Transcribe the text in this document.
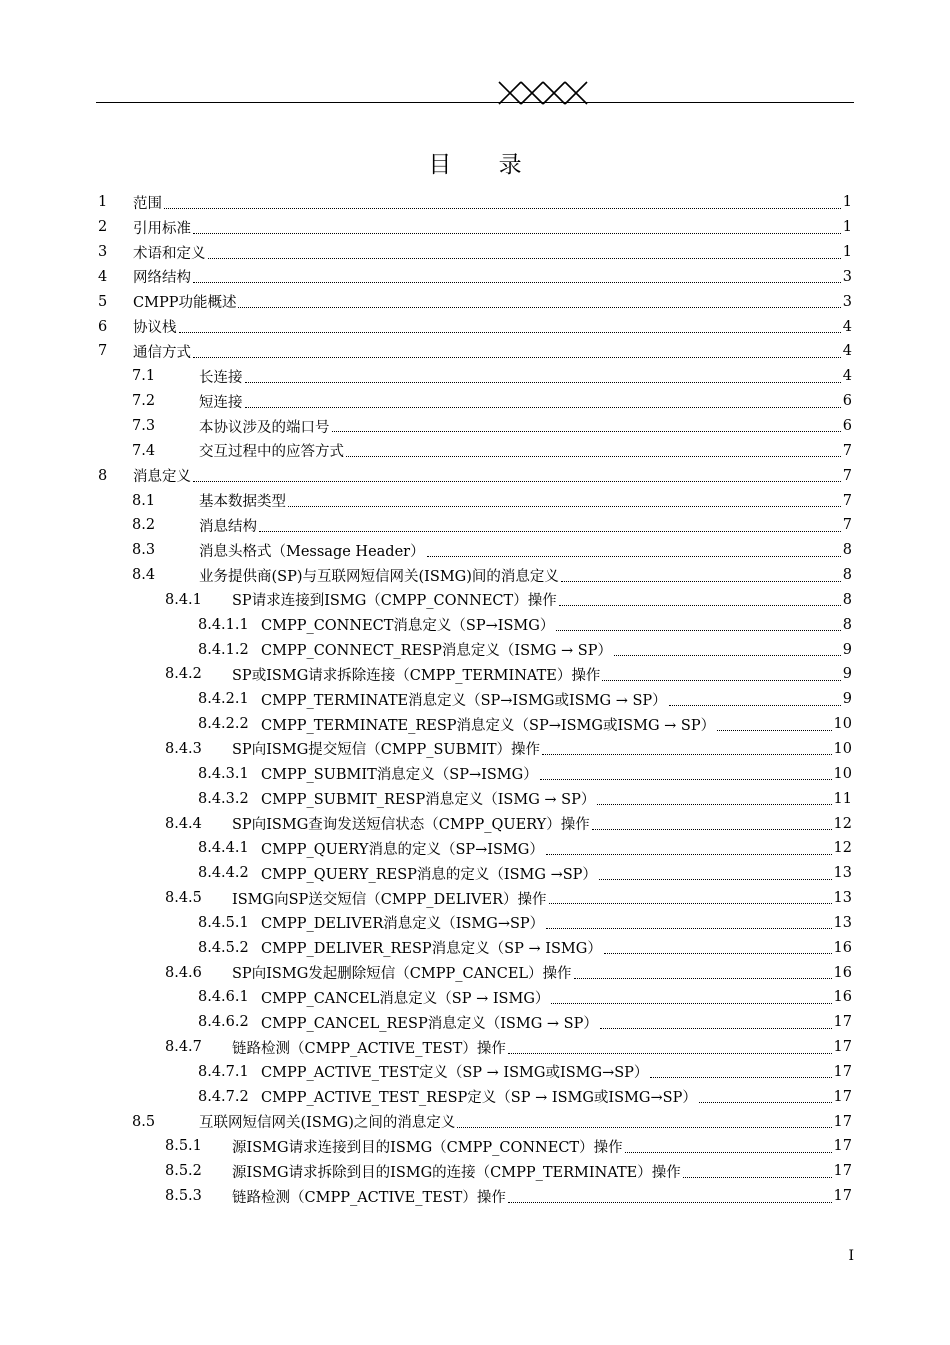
目 录
1	范围	1
2	引用标准	1
3	术语和定义	1
4	网络结构	3
5	CMPP功能概述	3
6	协议栈	4
7	通信方式	4
7.1	长连接	4
7.2	短连接	6
7.3	本协议涉及的端口号	6
7.4	交互过程中的应答方式	7
8	消息定义	7
8.1	基本数据类型	7
8.2	消息结构	7
8.3	消息头格式（Message Header）	8
8.4	业务提供商(SP)与互联网短信网关(ISMG)间的消息定义	8
8.4.1	SP请求连接到ISMG（CMPP_CONNECT）操作	8
8.4.1.1 CMPP_CONNECT消息定义（SP→ISMG）	8
8.4.1.2 CMPP_CONNECT_RESP消息定义（ISMG → SP）	9
8.4.2	SP或ISMG请求拆除连接（CMPP_TERMINATE）操作	9
8.4.2.1 CMPP_TERMINATE消息定义（SP→ISMG或ISMG → SP）	9
8.4.2.2 CMPP_TERMINATE_RESP消息定义（SP→ISMG或ISMG → SP）	10
8.4.3	SP向ISMG提交短信（CMPP_SUBMIT）操作	10
8.4.3.1 CMPP_SUBMIT消息定义（SP→ISMG）	10
8.4.3.2 CMPP_SUBMIT_RESP消息定义（ISMG → SP）	11
8.4.4	SP向ISMG查询发送短信状态（CMPP_QUERY）操作	12
8.4.4.1 CMPP_QUERY消息的定义（SP→ISMG）	12
8.4.4.2 CMPP_QUERY_RESP消息的定义（ISMG →SP）	13
8.4.5	ISMG向SP送交短信（CMPP_DELIVER）操作	13
8.4.5.1 CMPP_DELIVER消息定义（ISMG→SP）	13
8.4.5.2 CMPP_DELIVER_RESP消息定义（SP → ISMG）	16
8.4.6	SP向ISMG发起删除短信（CMPP_CANCEL）操作	16
8.4.6.1 CMPP_CANCEL消息定义（SP → ISMG）	16
8.4.6.2 CMPP_CANCEL_RESP消息定义（ISMG → SP）	17
8.4.7	链路检测（CMPP_ACTIVE_TEST）操作	17
8.4.7.1 CMPP_ACTIVE_TEST定义（SP → ISMG或ISMG→SP）	17
8.4.7.2 CMPP_ACTIVE_TEST_RESP定义（SP → ISMG或ISMG→SP）	17
8.5	互联网短信网关(ISMG)之间的消息定义	17
8.5.1	源ISMG请求连接到目的ISMG（CMPP_CONNECT）操作	17
8.5.2	源ISMG请求拆除到目的ISMG的连接（CMPP_TERMINATE）操作	17
8.5.3	链路检测（CMPP_ACTIVE_TEST）操作	17
I
